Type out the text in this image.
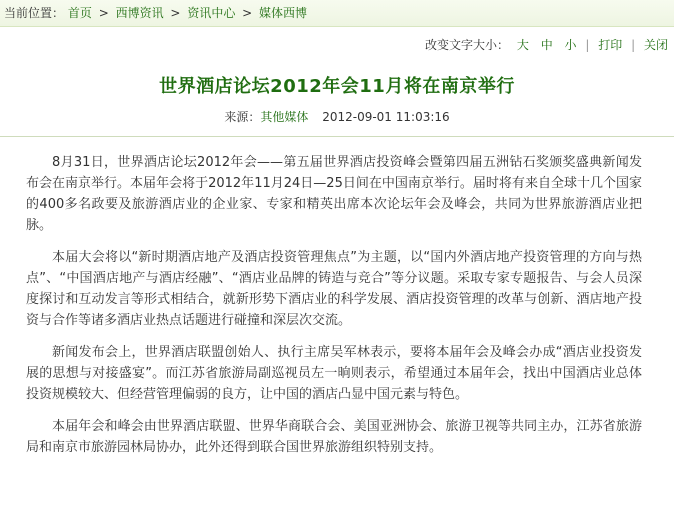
当前位置： 首页 > 西博资讯 > 资讯中心 > 媒体西博
改变文字大小： 大 中 小 | 打印 | 关闭
世界酒店论坛2012年会11月将在南京举行
来源：其他媒体 2012-09-01 11:03:16

8月31日，世界酒店论坛2012年会——第五届世界酒店投资峰会暨第四届五洲钻石奖颁奖盛典新闻发布会在南京举行。本届年会将于2012年11月24日—25日间在中国南京举行。届时将有来自全球十几个国家的400多名政要及旅游酒店业的企业家、专家和精英出席本次论坛年会及峰会，共同为世界旅游酒店业把脉。

本届大会将以“新时期酒店地产及酒店投资管理焦点”为主题，以“国内外酒店地产投资管理的方向与热点”、“中国酒店地产与酒店经融”、“酒店业品牌的铸造与竞合”等分议题。采取专家专题报告、与会人员深度探讨和互动发言等形式相结合，就新形势下酒店业的科学发展、酒店投资管理的改革与创新、酒店地产投资与合作等诸多酒店业热点话题进行碰撞和深层次交流。

新闻发布会上，世界酒店联盟创始人、执行主席吴军林表示，要将本届年会及峰会办成“酒店业投资发展的思想与对接盛宴”。而江苏省旅游局副巡视员左一晌则表示，希望通过本届年会，找出中国酒店业总体投资规模较大、但经营管理偏弱的良方，让中国的酒店凸显中国元素与特色。

本届年会和峰会由世界酒店联盟、世界华商联合会、美国亚洲协会、旅游卫视等共同主办，江苏省旅游局和南京市旅游园林局协办，此外还得到联合国世界旅游组织特别支持。
